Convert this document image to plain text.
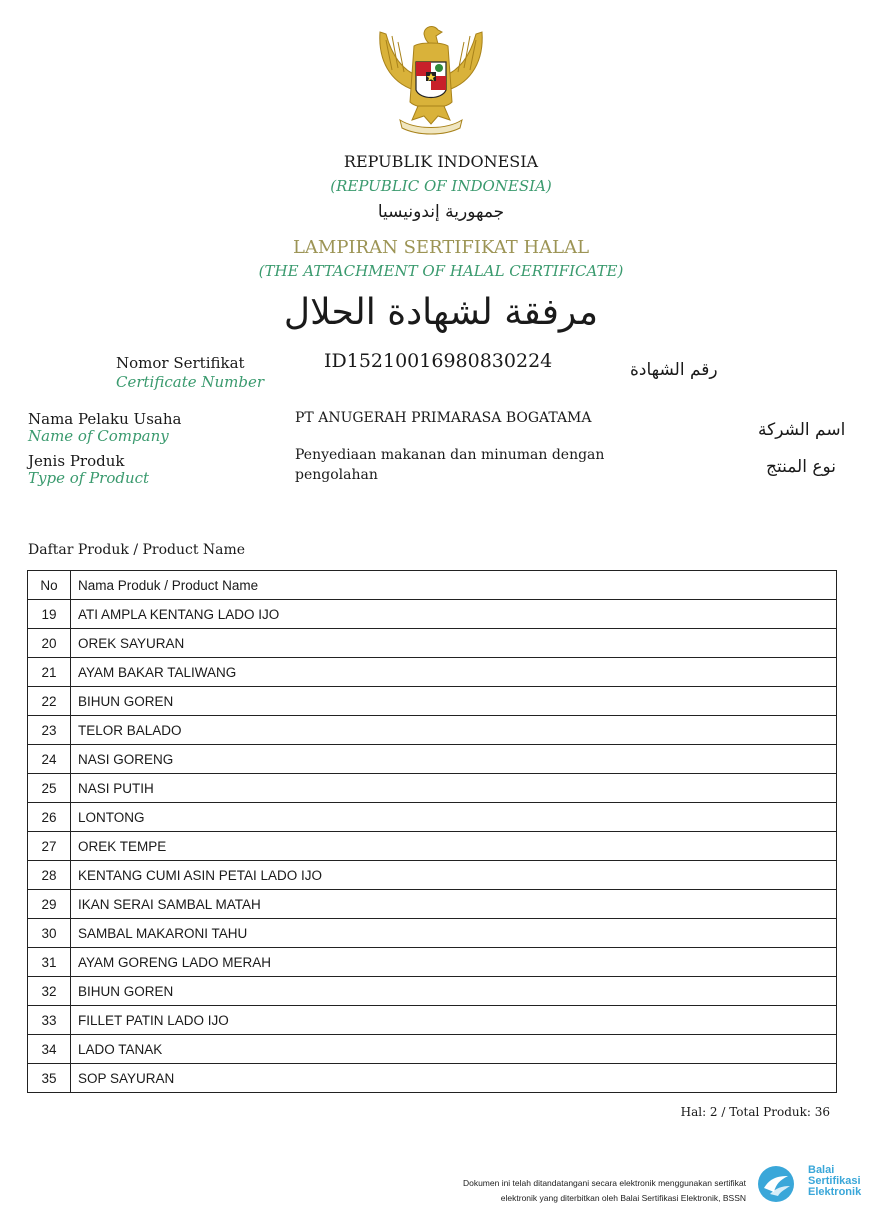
REPUBLIK INDONESIA
(REPUBLIC OF INDONESIA)
جمهورية إندونيسيا
LAMPIRAN SERTIFIKAT HALAL
(THE ATTACHMENT OF HALAL CERTIFICATE)
مرفقة لشهادة الحلال
Nomor Sertifikat
Certificate Number
ID15210016980830224	رقم الشهادة
Nama Pelaku Usaha
Name of Company
PT ANUGERAH PRIMARASA BOGATAMA
اسم الشركة
Jenis Produk
Type of Product
Penyediaan makanan dan minuman dengan
pengolahan	نوع المنتج
Daftar Produk / Product Name
No	Nama Produk / Product Name
19	ATI AMPLA KENTANG LADO IJO
20	OREK SAYURAN
21	AYAM BAKAR TALIWANG
22	BIHUN GOREN
23	TELOR BALADO
24	NASI GORENG
25	NASI PUTIH
26	LONTONG
27	OREK TEMPE
28	KENTANG CUMI ASIN PETAI LADO IJO
29	IKAN SERAI SAMBAL MATAH
30	SAMBAL MAKARONI TAHU
31	AYAM GORENG LADO MERAH
32	BIHUN GOREN
33	FILLET PATIN LADO IJO
34	LADO TANAK
35	SOP SAYURAN
Hal: 2 / Total Produk: 36
Dokumen ini telah ditandatangani secara elektronik menggunakan sertifikat
elektronik yang diterbitkan oleh Balai Sertifikasi Elektronik, BSSN
Balai
Sertifikasi
Elektronik
